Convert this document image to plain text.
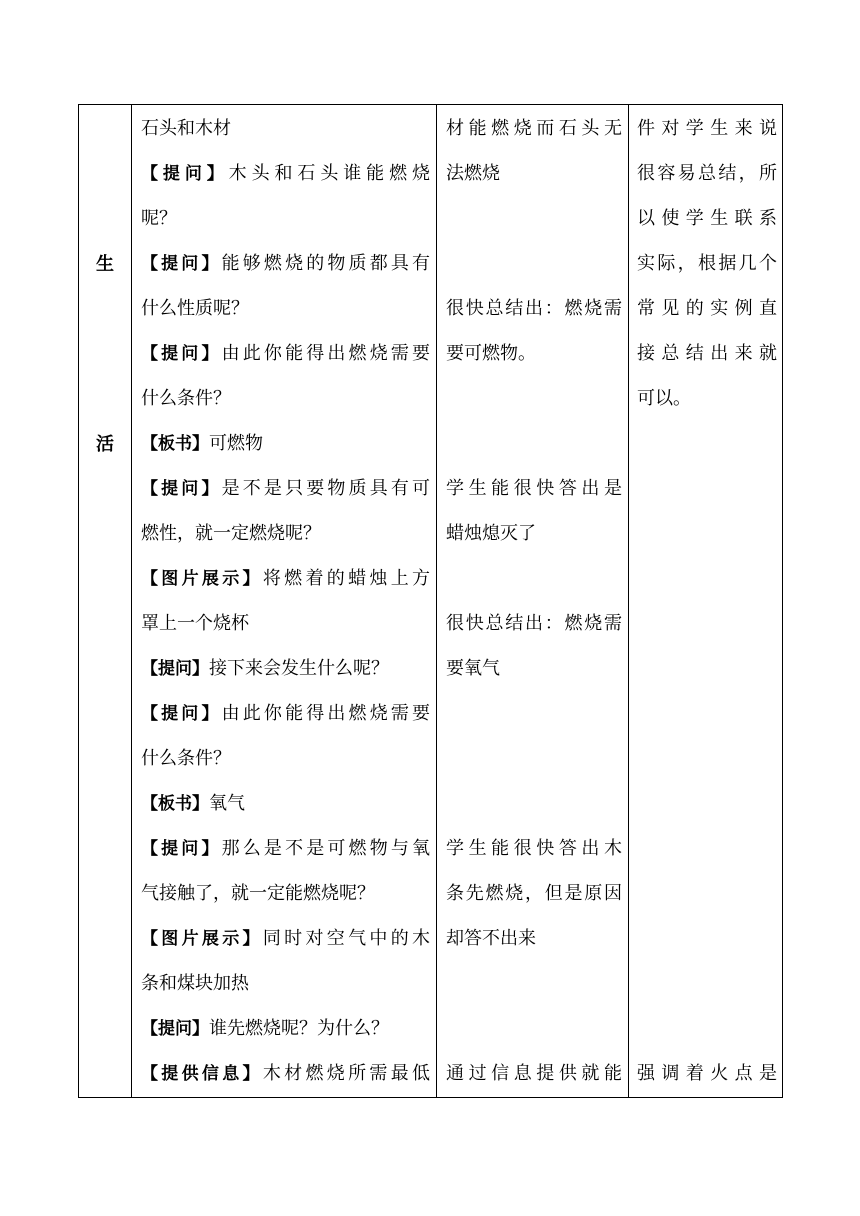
生
活
石头和木材
【提问】木头和石头谁能燃烧
呢？
【提问】能够燃烧的物质都具有
什么性质呢？
【提问】由此你能得出燃烧需要
什么条件？
【板书】可燃物
【提问】是不是只要物质具有可
燃性，就一定燃烧呢？
【图片展示】将燃着的蜡烛上方
罩上一个烧杯
【提问】接下来会发生什么呢？
【提问】由此你能得出燃烧需要
什么条件？
【板书】氧气
【提问】那么是不是可燃物与氧
气接触了，就一定能燃烧呢？
【图片展示】同时对空气中的木
条和煤块加热
【提问】谁先燃烧呢？为什么？
【提供信息】木材燃烧所需最低
材能燃烧而石头无
法燃烧
很快总结出：燃烧需
要可燃物。
学生能很快答出是
蜡烛熄灭了
很快总结出：燃烧需
要氧气
学生能很快答出木
条先燃烧，但是原因
却答不出来
通过信息提供就能
件对学生来说
很容易总结，所
以使学生联系
实际，根据几个
常见的实例直
接总结出来就
可以。
强调着火点是
